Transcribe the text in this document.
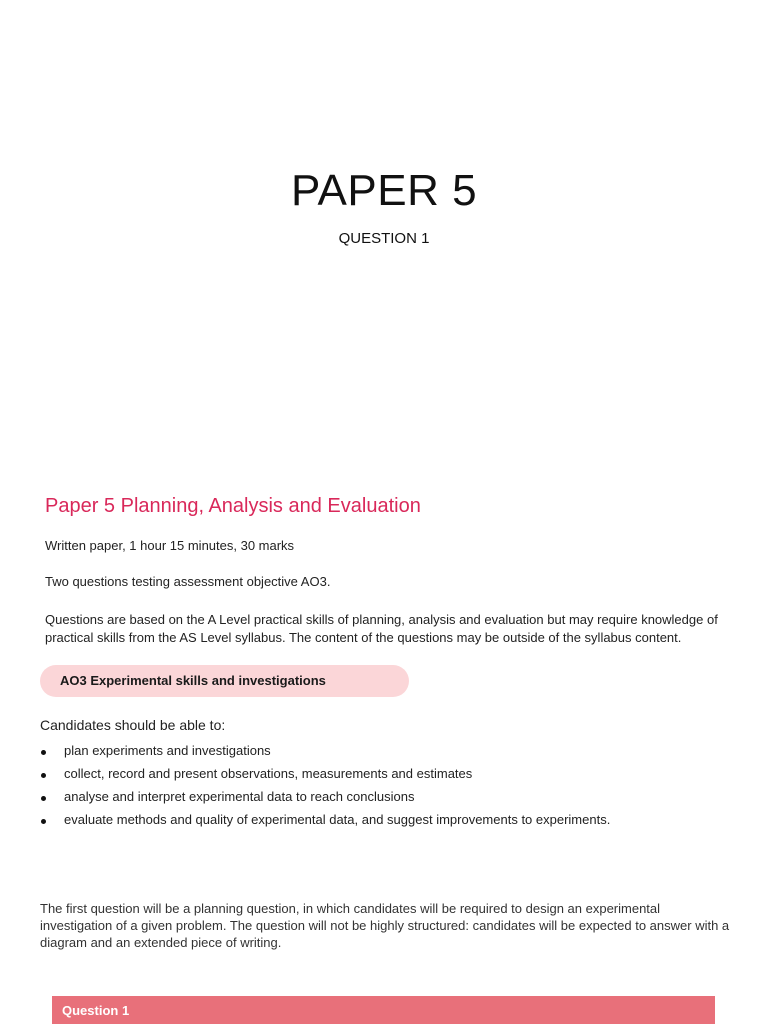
PAPER 5
QUESTION 1
Paper 5 Planning, Analysis and Evaluation
Written paper, 1 hour 15 minutes, 30 marks
Two questions testing assessment objective AO3.
Questions are based on the A Level practical skills of planning, analysis and evaluation but may require knowledge of practical skills from the AS Level syllabus. The content of the questions may be outside of the syllabus content.
AO3 Experimental skills and investigations
Candidates should be able to:
plan experiments and investigations
collect, record and present observations, measurements and estimates
analyse and interpret experimental data to reach conclusions
evaluate methods and quality of experimental data, and suggest improvements to experiments.
The first question will be a planning question, in which candidates will be required to design an experimental investigation of a given problem. The question will not be highly structured: candidates will be expected to answer with a diagram and an extended piece of writing.
Question 1
